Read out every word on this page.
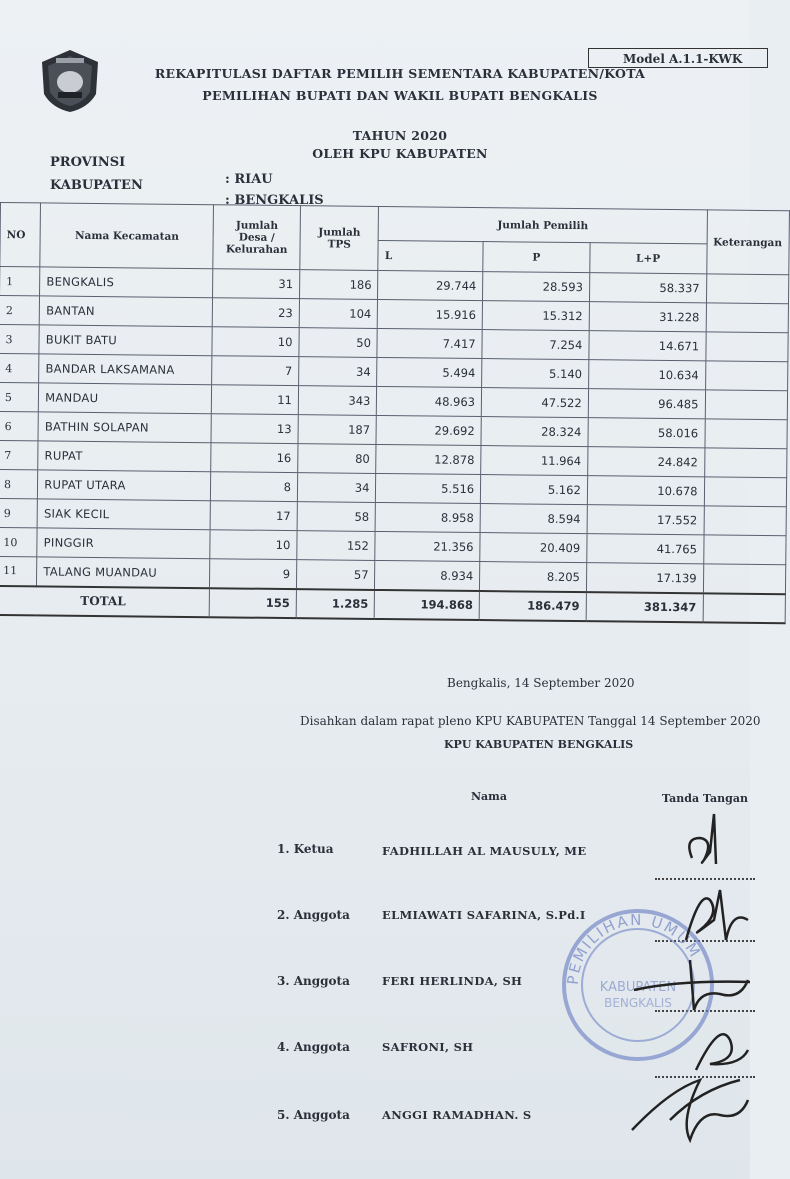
Model A.1.1-KWK
REKAPITULASI DAFTAR PEMILIH SEMENTARA KABUPATEN/KOTA
PEMILIHAN BUPATI DAN WAKIL BUPATI BENGKALIS
TAHUN 2020
OLEH KPU KABUPATEN
PROVINSI
: RIAU
KABUPATEN
: BENGKALIS
NO	Nama Kecamatan	Jumlah Desa / Kelurahan	Jumlah TPS	Jumlah Pemilih			Keterangan
				L	P	L+P	
1	BENGKALIS	31	186	29.744	28.593	58.337	
2	BANTAN	23	104	15.916	15.312	31.228	
3	BUKIT BATU	10	50	7.417	7.254	14.671	
4	BANDAR LAKSAMANA	7	34	5.494	5.140	10.634	
5	MANDAU	11	343	48.963	47.522	96.485	
6	BATHIN SOLAPAN	13	187	29.692	28.324	58.016	
7	RUPAT	16	80	12.878	11.964	24.842	
8	RUPAT UTARA	8	34	5.516	5.162	10.678	
9	SIAK KECIL	17	58	8.958	8.594	17.552	
10	PINGGIR	10	152	21.356	20.409	41.765	
11	TALANG MUANDAU	9	57	8.934	8.205	17.139	
TOTAL		155	1.285	194.868	186.479	381.347	
Bengkalis, 14 September 2020
Disahkan dalam rapat pleno KPU KABUPATEN Tanggal 14 September 2020
KPU KABUPATEN BENGKALIS
Nama	Tanda Tangan
1. Ketua	FADHILLAH AL MAUSULY, ME
2. Anggota	ELMIAWATI SAFARINA, S.Pd.I
3. Anggota	FERI HERLINDA, SH
4. Anggota	SAFRONI, SH
5. Anggota	ANGGI RAMADHAN. S
PEMILIHAN UMUM
KABUPATEN
BENGKALIS
